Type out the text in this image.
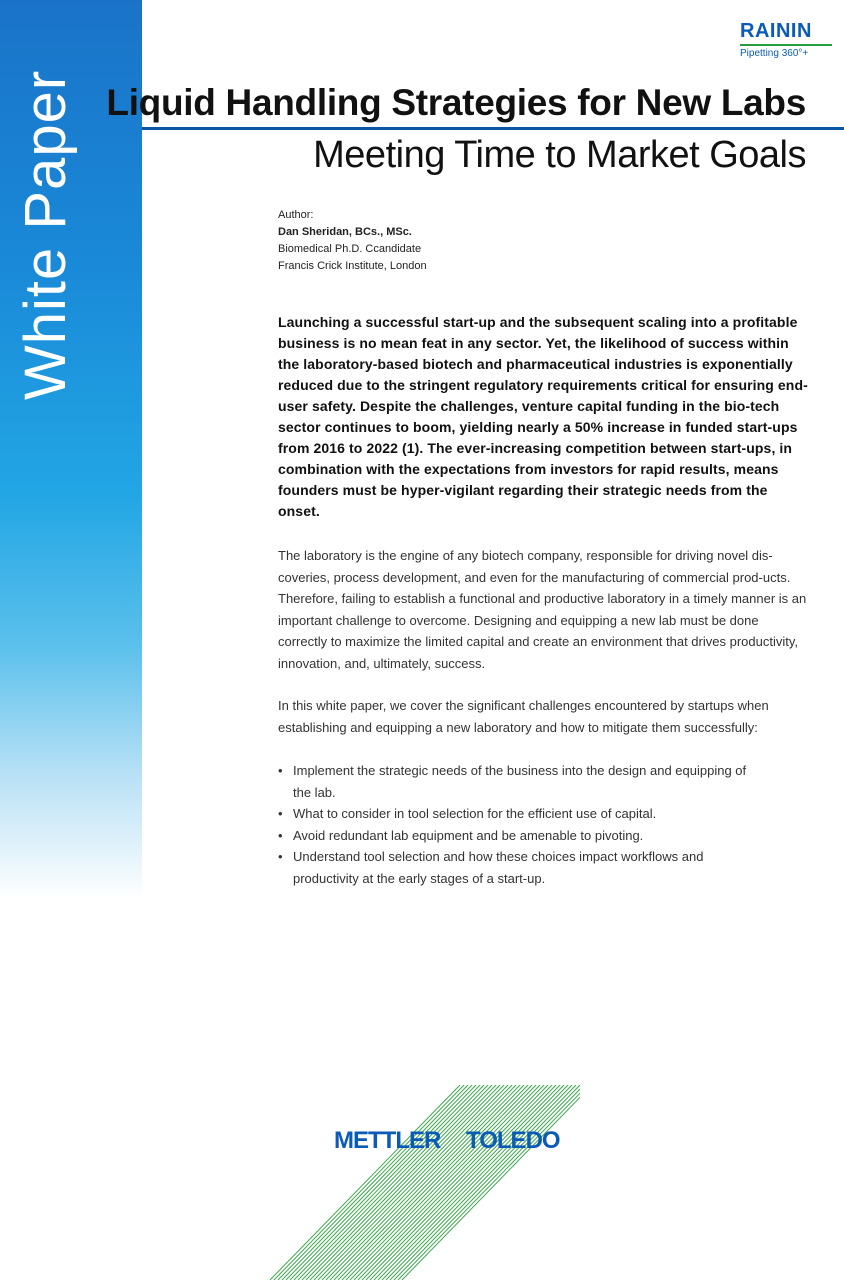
White Paper
RAININ
Pipetting 360°+
Liquid Handling Strategies for New Labs
Meeting Time to Market Goals
Author:
Dan Sheridan, BCs., MSc.
Biomedical Ph.D. Ccandidate
Francis Crick Institute, London
Launching a successful start-up and the subsequent scaling into a profitable business is no mean feat in any sector. Yet, the likelihood of success within the laboratory-based biotech and pharmaceutical industries is exponentially reduced due to the stringent regulatory requirements critical for ensuring end-user safety. Despite the challenges, venture capital funding in the bio-tech sector continues to boom, yielding nearly a 50% increase in funded start-ups from 2016 to 2022 (1). The ever-increasing competition between start-ups, in combination with the expectations from investors for rapid results, means founders must be hyper-vigilant regarding their strategic needs from the onset.
The laboratory is the engine of any biotech company, responsible for driving novel dis-coveries, process development, and even for the manufacturing of commercial prod-ucts. Therefore, failing to establish a functional and productive laboratory in a timely manner is an important challenge to overcome. Designing and equipping a new lab must be done correctly to maximize the limited capital and create an environment that drives productivity, innovation, and, ultimately, success.
In this white paper, we cover the significant challenges encountered by startups when establishing and equipping a new laboratory and how to mitigate them successfully:
• Implement the strategic needs of the business into the design and equipping of the lab.
• What to consider in tool selection for the efficient use of capital.
• Avoid redundant lab equipment and be amenable to pivoting.
• Understand tool selection and how these choices impact workflows and productivity at the early stages of a start-up.
METTLER TOLEDO
